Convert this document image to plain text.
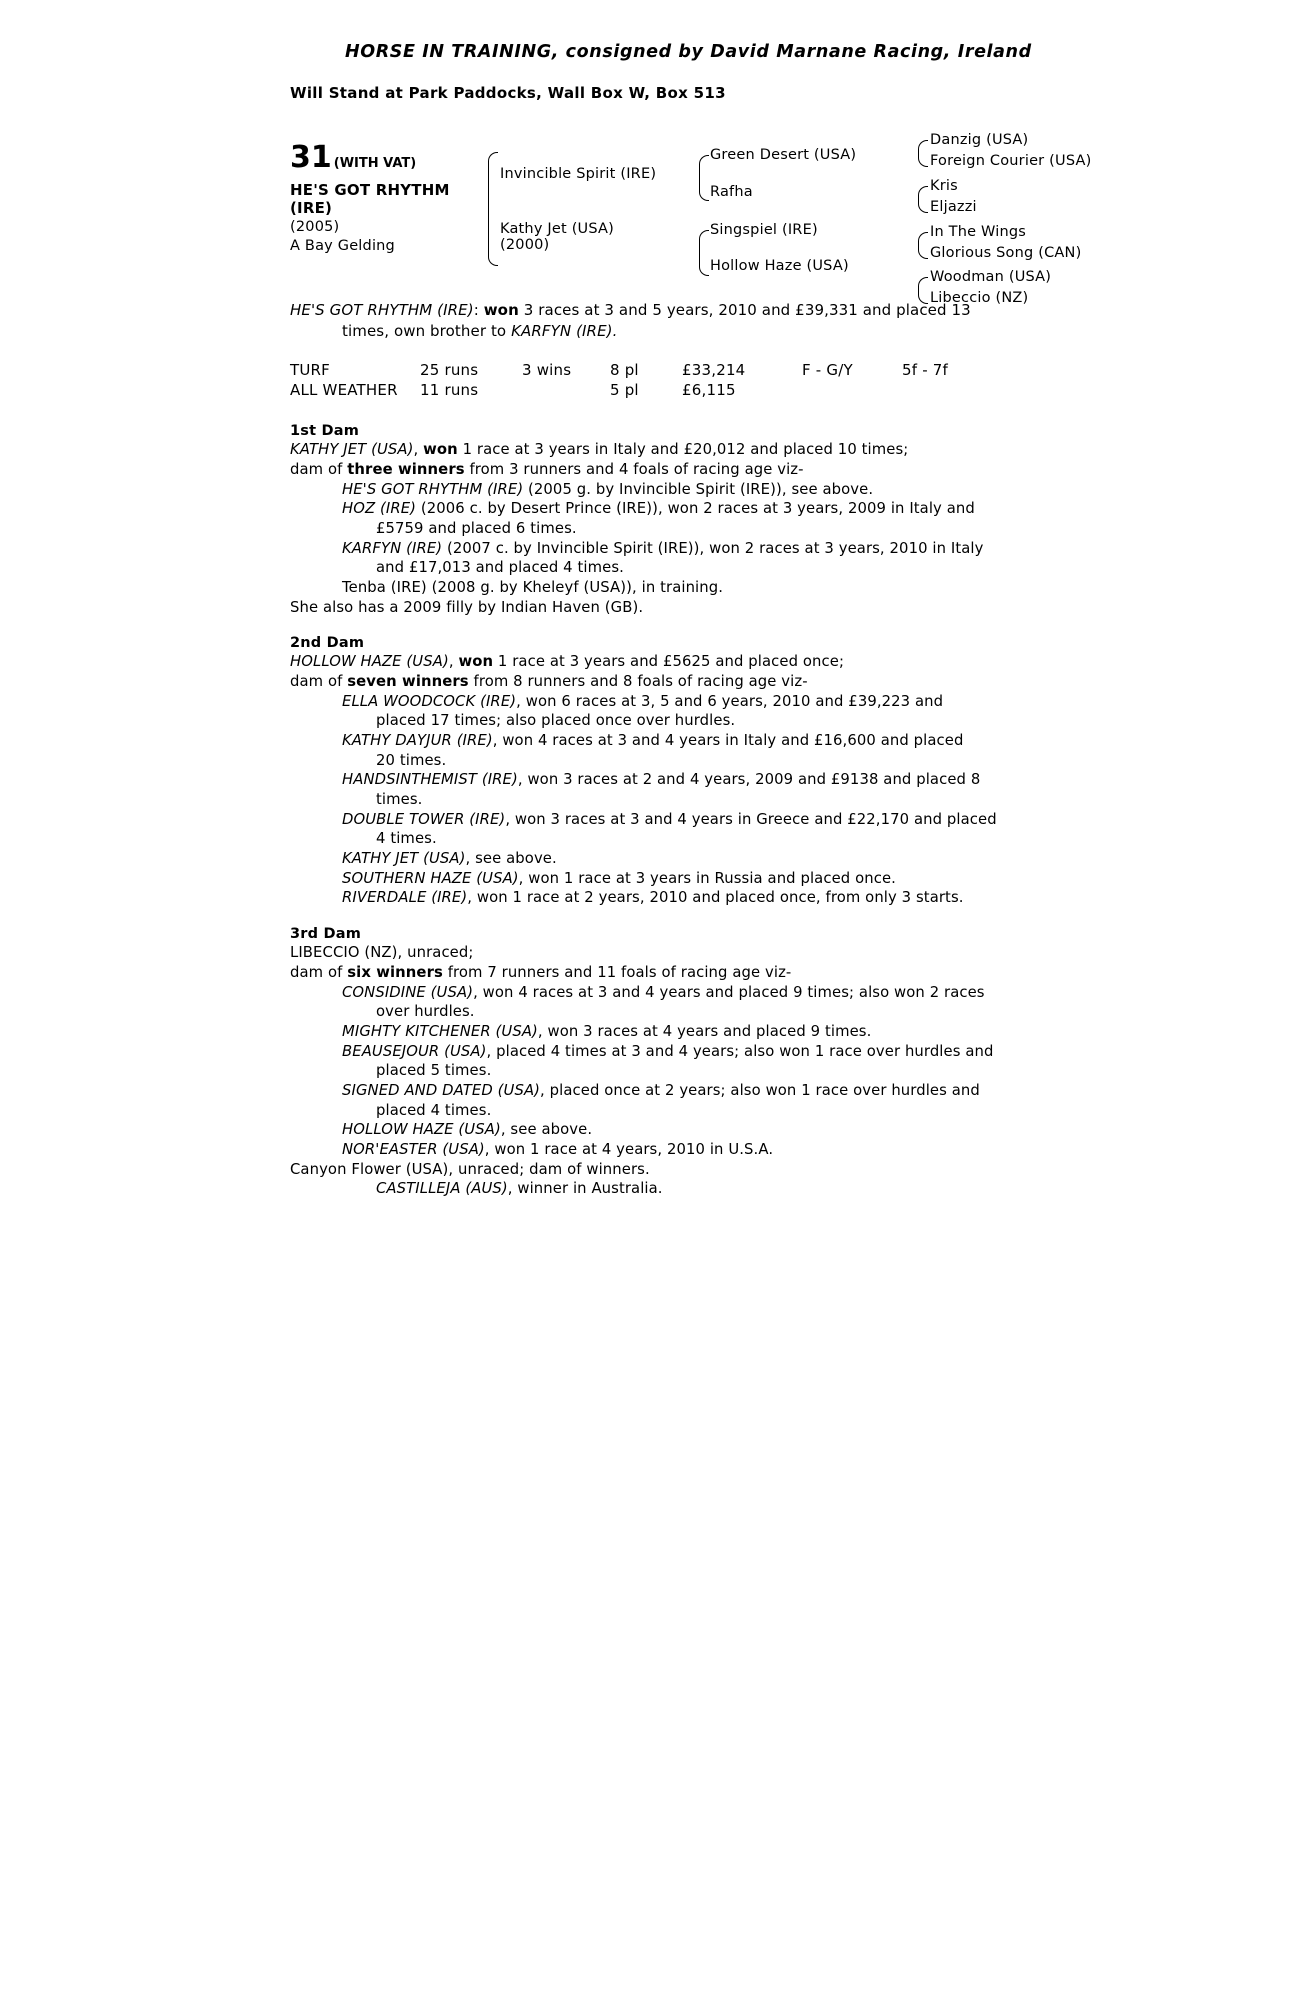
HORSE IN TRAINING, consigned by David Marnane Racing, Ireland
Will Stand at Park Paddocks, Wall Box W, Box 513
31 (WITH VAT)
HE'S GOT RHYTHM (IRE)
(2005)
A Bay Gelding
Invincible Spirit (IRE)
Kathy Jet (USA)
(2000)
Green Desert (USA)
Rafha
Singspiel (IRE)
Hollow Haze (USA)
Danzig (USA)
Foreign Courier (USA)
Kris
Eljazzi
In The Wings
Glorious Song (CAN)
Woodman (USA)
Libeccio (NZ)
HE'S GOT RHYTHM (IRE): won 3 races at 3 and 5 years, 2010 and £39,331 and placed 13
times, own brother to KARFYN (IRE).
TURF	25 runs	3 wins	8 pl	£33,214	F - G/Y	5f - 7f
ALL WEATHER	11 runs		5 pl	£6,115		
1st Dam

KATHY JET (USA), won 1 race at 3 years in Italy and £20,012 and placed 10 times;

dam of three winners from 3 runners and 4 foals of racing age viz-

HE'S GOT RHYTHM (IRE) (2005 g. by Invincible Spirit (IRE)), see above.

HOZ (IRE) (2006 c. by Desert Prince (IRE)), won 2 races at 3 years, 2009 in Italy and

£5759 and placed 6 times.

KARFYN (IRE) (2007 c. by Invincible Spirit (IRE)), won 2 races at 3 years, 2010 in Italy

and £17,013 and placed 4 times.

Tenba (IRE) (2008 g. by Kheleyf (USA)), in training.

She also has a 2009 filly by Indian Haven (GB).

2nd Dam

HOLLOW HAZE (USA), won 1 race at 3 years and £5625 and placed once;

dam of seven winners from 8 runners and 8 foals of racing age viz-

ELLA WOODCOCK (IRE), won 6 races at 3, 5 and 6 years, 2010 and £39,223 and

placed 17 times; also placed once over hurdles.

KATHY DAYJUR (IRE), won 4 races at 3 and 4 years in Italy and £16,600 and placed

20 times.

HANDSINTHEMIST (IRE), won 3 races at 2 and 4 years, 2009 and £9138 and placed 8

times.

DOUBLE TOWER (IRE), won 3 races at 3 and 4 years in Greece and £22,170 and placed

4 times.

KATHY JET (USA), see above.

SOUTHERN HAZE (USA), won 1 race at 3 years in Russia and placed once.

RIVERDALE (IRE), won 1 race at 2 years, 2010 and placed once, from only 3 starts.

3rd Dam

LIBECCIO (NZ), unraced;

dam of six winners from 7 runners and 11 foals of racing age viz-

CONSIDINE (USA), won 4 races at 3 and 4 years and placed 9 times; also won 2 races

over hurdles.

MIGHTY KITCHENER (USA), won 3 races at 4 years and placed 9 times.

BEAUSEJOUR (USA), placed 4 times at 3 and 4 years; also won 1 race over hurdles and

placed 5 times.

SIGNED AND DATED (USA), placed once at 2 years; also won 1 race over hurdles and

placed 4 times.

HOLLOW HAZE (USA), see above.

NOR'EASTER (USA), won 1 race at 4 years, 2010 in U.S.A.

Canyon Flower (USA), unraced; dam of winners.

CASTILLEJA (AUS), winner in Australia.
